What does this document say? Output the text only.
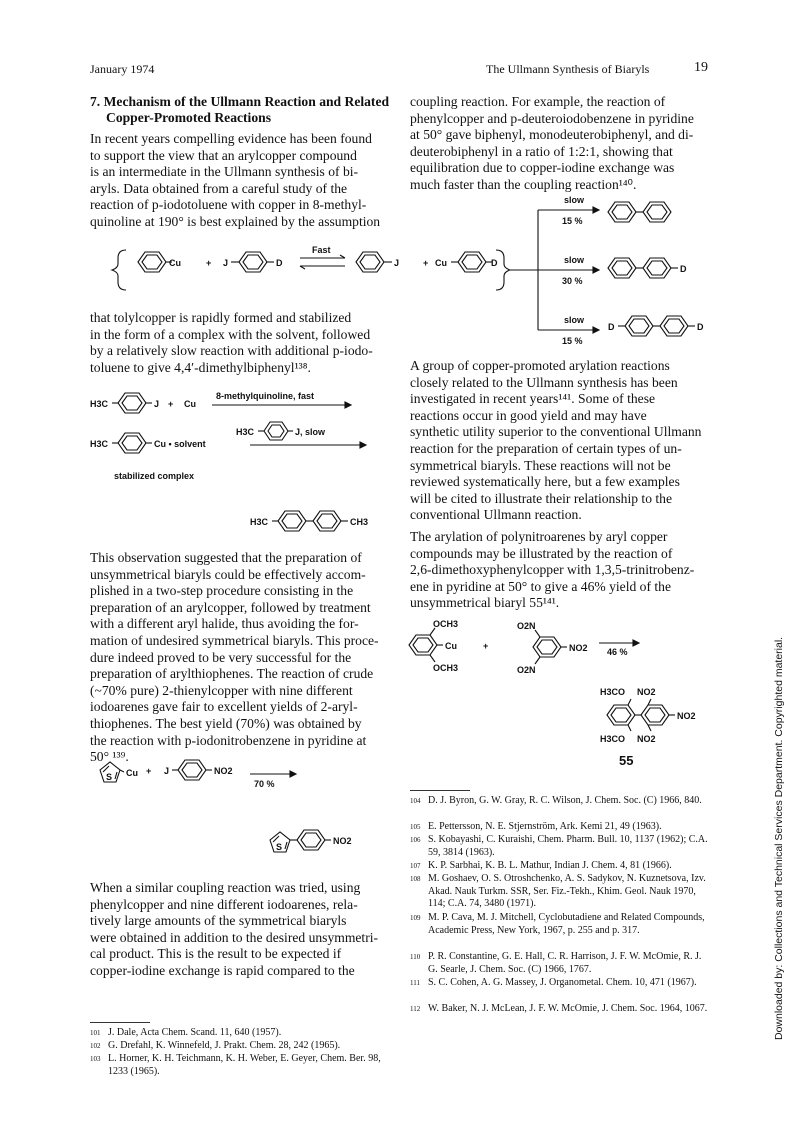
January 1974	The Ullmann Synthesis of Biaryls	19
7. Mechanism of the Ullmann Reaction and Related
Copper-Promoted Reactions
In recent years compelling evidence has been found
to support the view that an arylcopper compound
is an intermediate in the Ullmann synthesis of bi-
aryls. Data obtained from a careful study of the
reaction of p-iodotoluene with copper in 8-methyl-
quinoline at 190° is best explained by the assumption
that tolylcopper is rapidly formed and stabilized
in the form of a complex with the solvent, followed
by a relatively slow reaction with additional p-iodo-
toluene to give 4,4′-dimethylbiphenyl¹³⁸.
This observation suggested that the preparation of
unsymmetrical biaryls could be effectively accom-
plished in a two-step procedure consisting in the
preparation of an arylcopper, followed by treatment
with a different aryl halide, thus avoiding the for-
mation of undesired symmetrical biaryls. This proce-
dure indeed proved to be very successful for the
preparation of arylthiophenes. The reaction of crude
(~70% pure) 2-thienylcopper with nine different
iodoarenes gave fair to excellent yields of 2-aryl-
thiophenes. The best yield (70%) was obtained by
the reaction with p-iodonitrobenzene in pyridine at
50° ¹³⁹.
When a similar coupling reaction was tried, using
phenylcopper and nine different iodoarenes, rela-
tively large amounts of the symmetrical biaryls
were obtained in addition to the desired unsymmetri-
cal product. This is the result to be expected if
copper-iodine exchange is rapid compared to the
coupling reaction. For example, the reaction of
phenylcopper and p-deuteroiodobenzene in pyridine
at 50° gave biphenyl, monodeuterobiphenyl, and di-
deuterobiphenyl in a ratio of 1:2:1, showing that
equilibration due to copper-iodine exchange was
much faster than the coupling reaction¹⁴⁰.
A group of copper-promoted arylation reactions
closely related to the Ullmann synthesis has been
investigated in recent years¹⁴¹. Some of these
reactions occur in good yield and may have
synthetic utility superior to the conventional Ullmann
reaction for the preparation of certain types of un-
symmetrical biaryls. These reactions will not be
reviewed systematically here, but a few examples
will be cited to illustrate their relationship to the
conventional Ullmann reaction.
The arylation of polynitroarenes by aryl copper
compounds may be illustrated by the reaction of
2,6-dimethoxyphenylcopper with 1,3,5-trinitrobenz-
ene in pyridine at 50° to give a 46% yield of the
unsymmetrical biaryl 55¹⁴¹.
Cu	+ J	D
Fast
J	+ Cu	D
slow
15 %
slow
30 %
D
slow
15 %
D	D
H3C	J + Cu
8-methylquinoline, fast
H3C	Cu • solvent
H3C	J, slow
stabilized complex
H3C	CH3
Cu
S
+ J	NO2
70 %
S
NO2
OCH3
Cu
OCH3
+
O2N
NO2
O2N
46 %
H3CO NO2
NO2
H3CO NO2
55
101 J. Dale, Acta Chem. Scand. 11, 640 (1957).
102 G. Drefahl, K. Winnefeld, J. Prakt. Chem. 28, 242 (1965).
103 L. Horner, K. H. Teichmann, K. H. Weber, E. Geyer, Chem. Ber. 98, 1233 (1965).
104 D. J. Byron, G. W. Gray, R. C. Wilson, J. Chem. Soc. (C) 1966, 840.
105 E. Pettersson, N. E. Stjernström, Ark. Kemi 21, 49 (1963).
106 S. Kobayashi, C. Kuraishi, Chem. Pharm. Bull. 10, 1137 (1962); C.A. 59, 3814 (1963).
107 K. P. Sarbhai, K. B. L. Mathur, Indian J. Chem. 4, 81 (1966).
108 M. Goshaev, O. S. Otroshchenko, A. S. Sadykov, N. Kuznetsova, Izv. Akad. Nauk Turkm. SSR, Ser. Fiz.-Tekh., Khim. Geol. Nauk 1970, 114; C.A. 74, 3480 (1971).
109 M. P. Cava, M. J. Mitchell, Cyclobutadiene and Related Compounds, Academic Press, New York, 1967, p. 255 and p. 317.
110 P. R. Constantine, G. E. Hall, C. R. Harrison, J. F. W. McOmie, R. J. G. Searle, J. Chem. Soc. (C) 1966, 1767.
111 S. C. Cohen, A. G. Massey, J. Organometal. Chem. 10, 471 (1967).
112 W. Baker, N. J. McLean, J. F. W. McOmie, J. Chem. Soc. 1964, 1067.	Downloaded by: Collections and Technical Services Department. Copyrighted material.
